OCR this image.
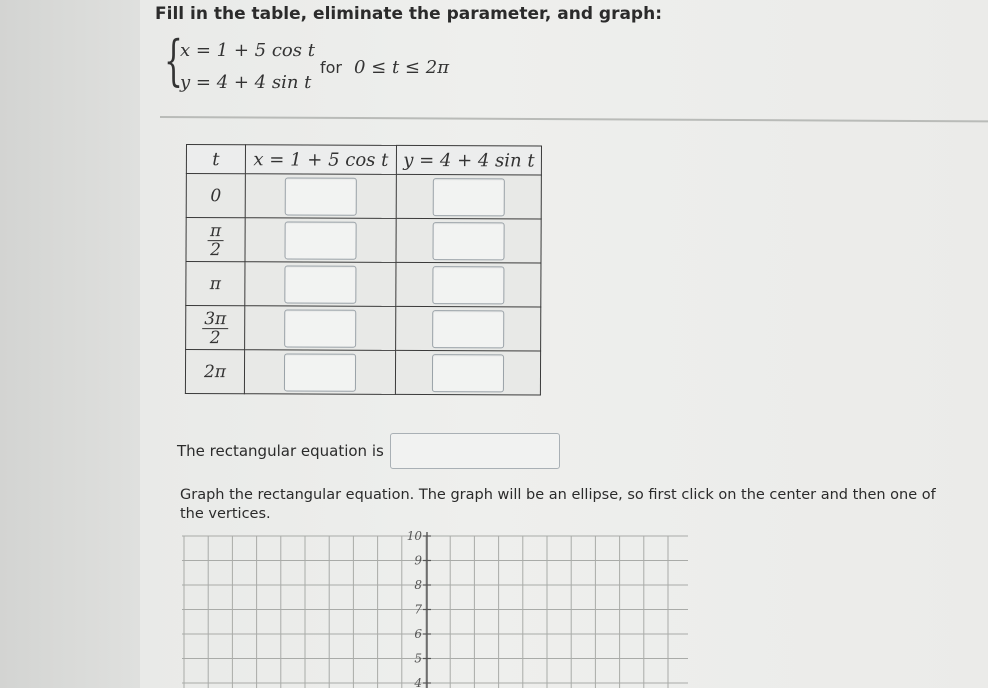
Fill in the table, eliminate the parameter, and graph:
{
x = 1 + 5 cos t
y = 4 + 4 sin t
for 0 ≤ t ≤ 2π
t	x = 1 + 5 cos t	y = 4 + 4 sin t
0		

$\frac{\pi}{2}$

π		

$\frac{3\pi}{2}$

2π		
The rectangular equation is
Graph the rectangular equation. The graph will be an ellipse, so first click on the center and then one of the vertices.
10
9
8
7
6
5
4
